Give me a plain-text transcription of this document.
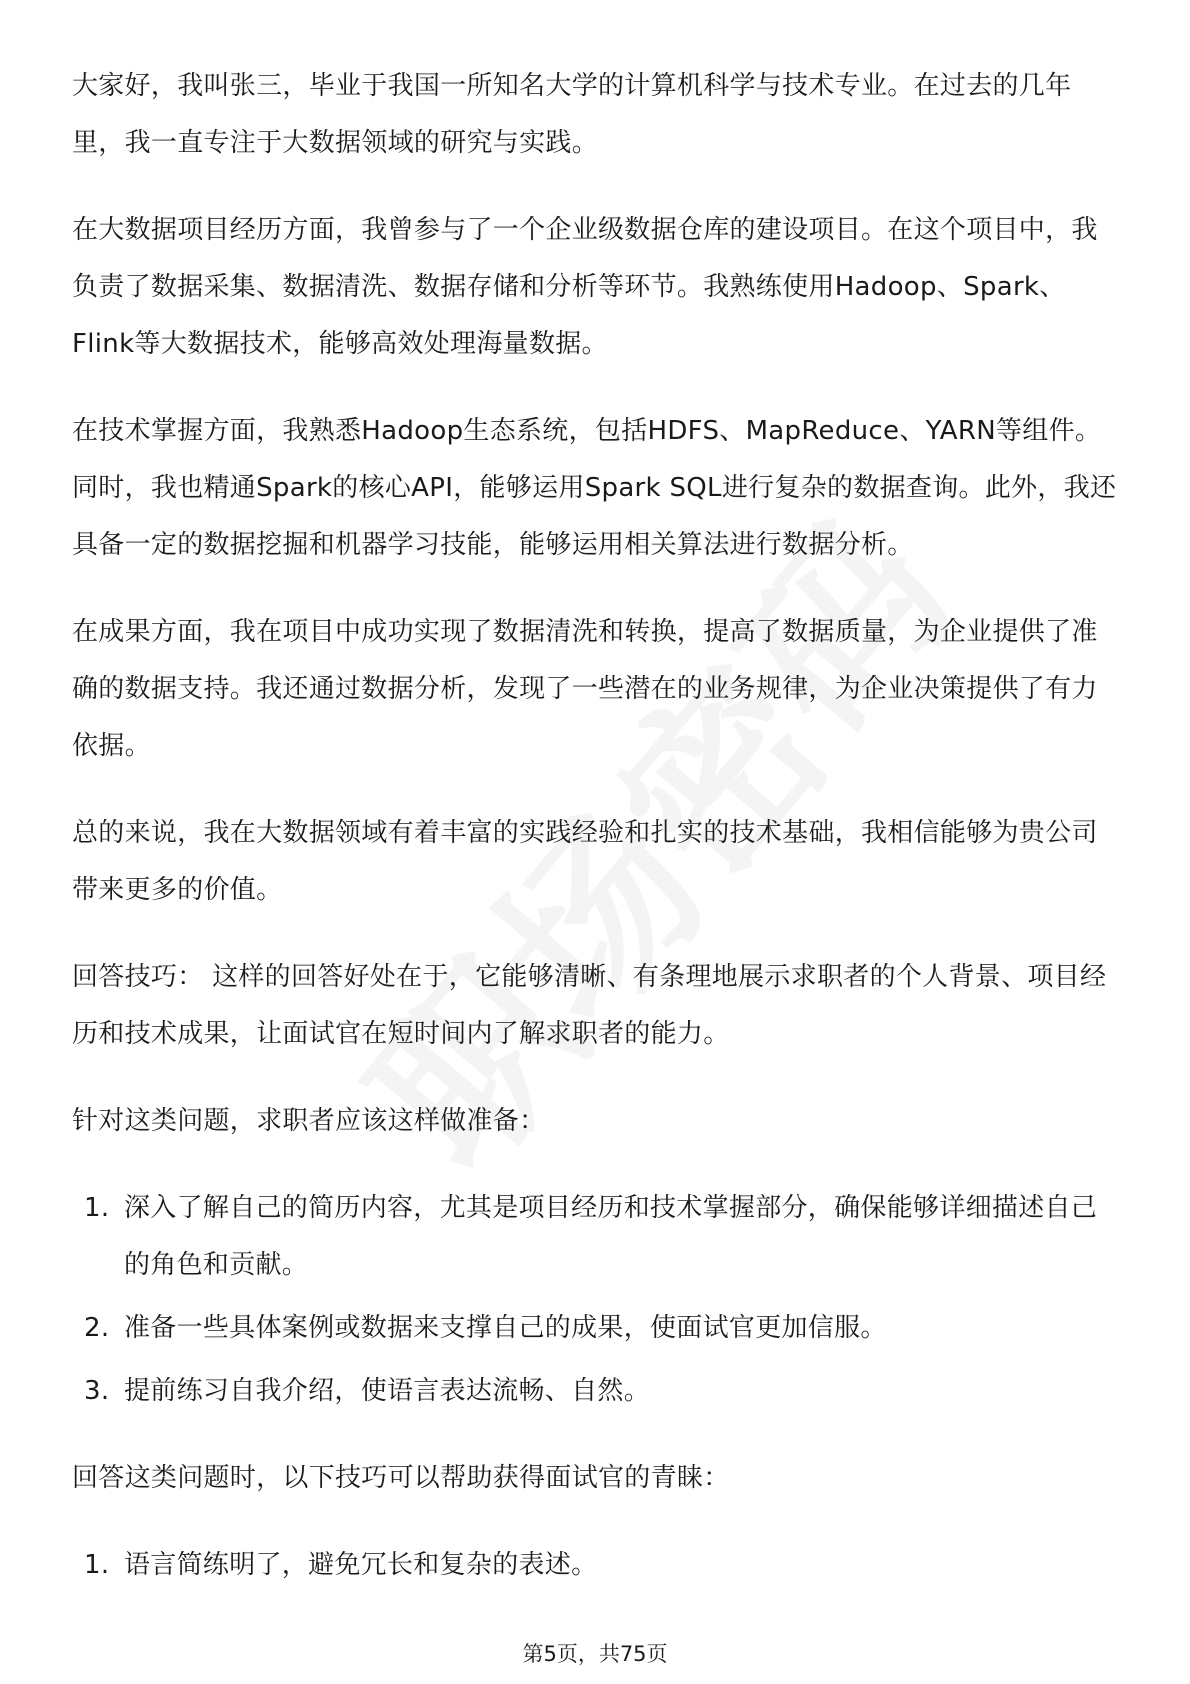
大家好，我叫张三，毕业于我国一所知名大学的计算机科学与技术专业。在过去的几年里，我一直专注于大数据领域的研究与实践。

在大数据项目经历方面，我曾参与了一个企业级数据仓库的建设项目。在这个项目中，我负责了数据采集、数据清洗、数据存储和分析等环节。我熟练使用Hadoop、Spark、Flink等大数据技术，能够高效处理海量数据。

在技术掌握方面，我熟悉Hadoop生态系统，包括HDFS、MapReduce、YARN等组件。同时，我也精通Spark的核心API，能够运用Spark SQL进行复杂的数据查询。此外，我还具备一定的数据挖掘和机器学习技能，能够运用相关算法进行数据分析。

在成果方面，我在项目中成功实现了数据清洗和转换，提高了数据质量，为企业提供了准确的数据支持。我还通过数据分析，发现了一些潜在的业务规律，为企业决策提供了有力依据。

总的来说，我在大数据领域有着丰富的实践经验和扎实的技术基础，我相信能够为贵公司带来更多的价值。

回答技巧： 这样的回答好处在于，它能够清晰、有条理地展示求职者的个人背景、项目经历和技术成果，让面试官在短时间内了解求职者的能力。

针对这类问题，求职者应该这样做准备：

1. 深入了解自己的简历内容，尤其是项目经历和技术掌握部分，确保能够详细描述自己的角色和贡献。
2. 准备一些具体案例或数据来支撑自己的成果，使面试官更加信服。
3. 提前练习自我介绍，使语言表达流畅、自然。

回答这类问题时，以下技巧可以帮助获得面试官的青睐：

1. 语言简练明了，避免冗长和复杂的表述。
第5页，共75页
